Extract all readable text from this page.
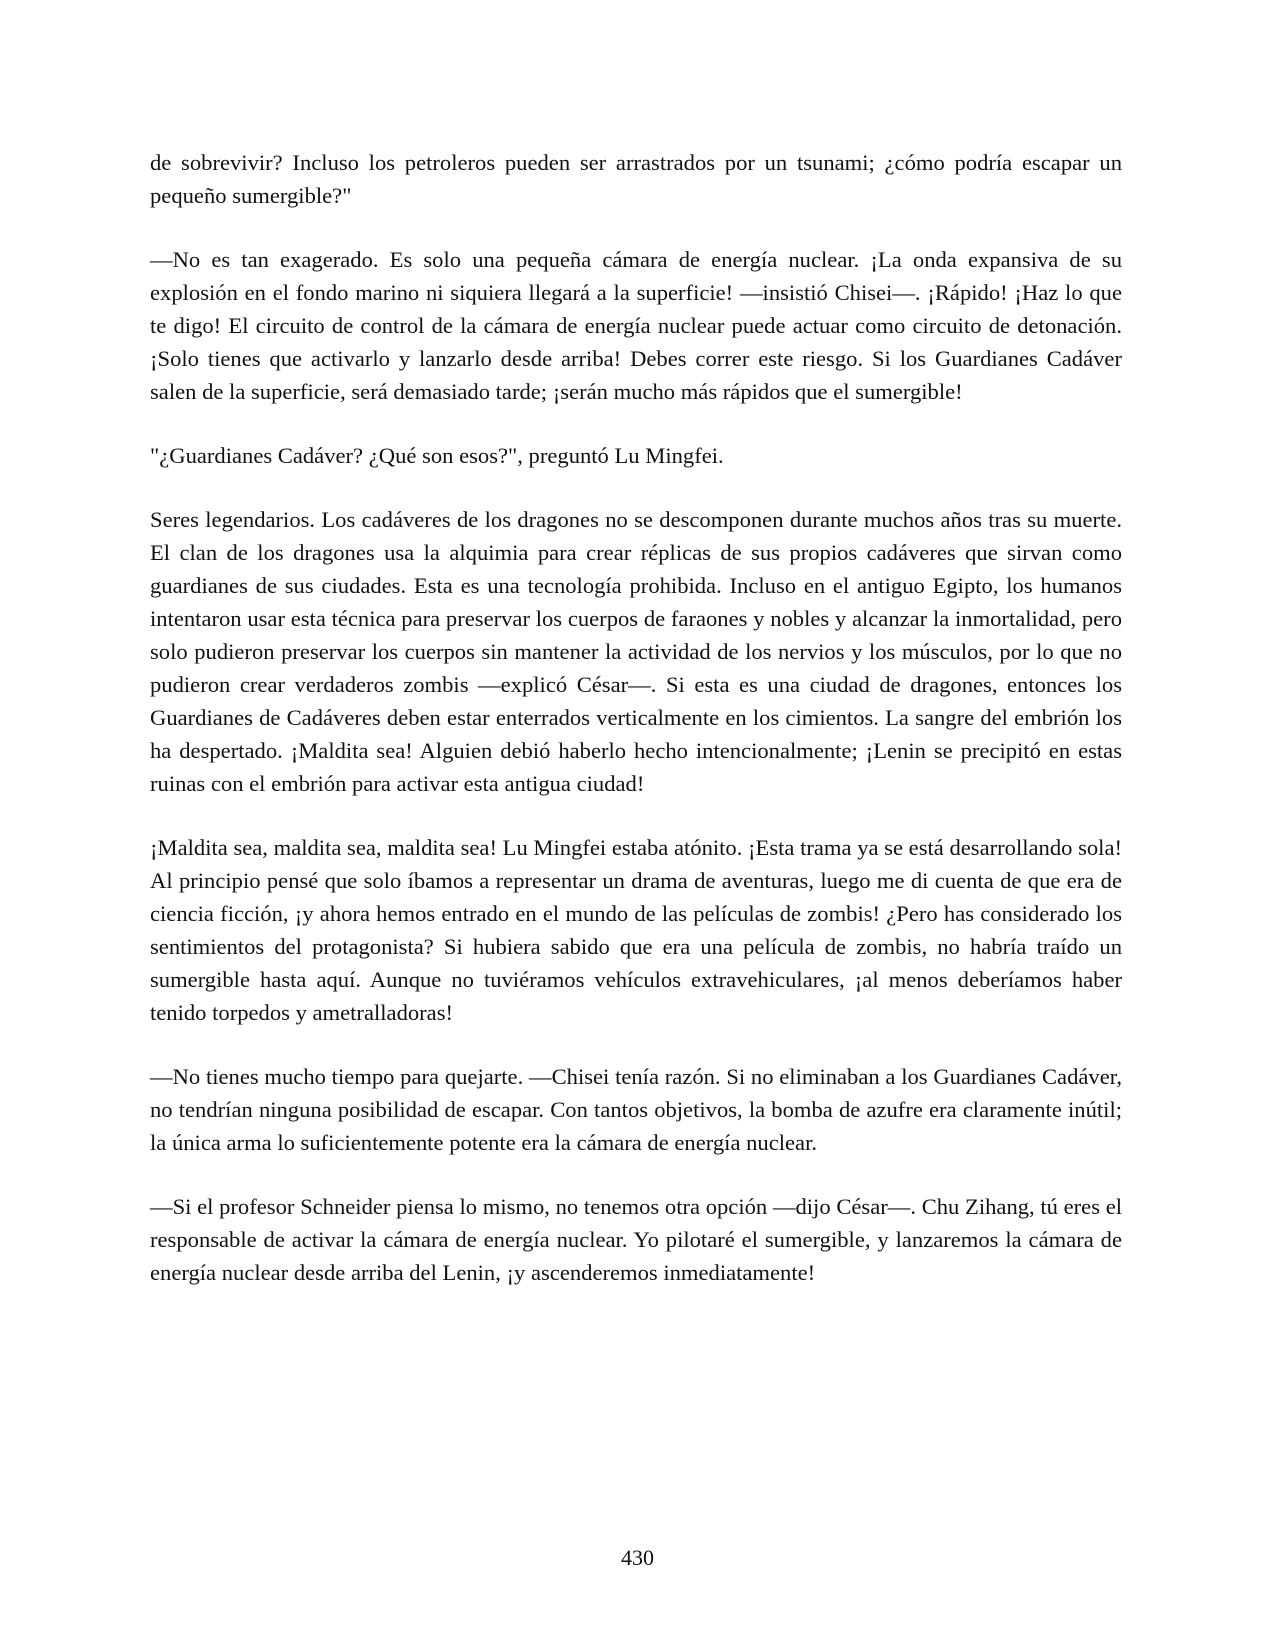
de sobrevivir? Incluso los petroleros pueden ser arrastrados por un tsunami; ¿cómo podría escapar un pequeño sumergible?"

—No es tan exagerado. Es solo una pequeña cámara de energía nuclear. ¡La onda expansiva de su explosión en el fondo marino ni siquiera llegará a la superficie! —insistió Chisei—. ¡Rápido! ¡Haz lo que te digo! El circuito de control de la cámara de energía nuclear puede actuar como circuito de detonación. ¡Solo tienes que activarlo y lanzarlo desde arriba! Debes correr este riesgo. Si los Guardianes Cadáver salen de la superficie, será demasiado tarde; ¡serán mucho más rápidos que el sumergible!

"¿Guardianes Cadáver? ¿Qué son esos?", preguntó Lu Mingfei.

Seres legendarios. Los cadáveres de los dragones no se descomponen durante muchos años tras su muerte. El clan de los dragones usa la alquimia para crear réplicas de sus propios cadáveres que sirvan como guardianes de sus ciudades. Esta es una tecnología prohibida. Incluso en el antiguo Egipto, los humanos intentaron usar esta técnica para preservar los cuerpos de faraones y nobles y alcanzar la inmortalidad, pero solo pudieron preservar los cuerpos sin mantener la actividad de los nervios y los músculos, por lo que no pudieron crear verdaderos zombis —explicó César—. Si esta es una ciudad de dragones, entonces los Guardianes de Cadáveres deben estar enterrados verticalmente en los cimientos. La sangre del embrión los ha despertado. ¡Maldita sea! Alguien debió haberlo hecho intencionalmente; ¡Lenin se precipitó en estas ruinas con el embrión para activar esta antigua ciudad!

¡Maldita sea, maldita sea, maldita sea! Lu Mingfei estaba atónito. ¡Esta trama ya se está desarrollando sola! Al principio pensé que solo íbamos a representar un drama de aventuras, luego me di cuenta de que era de ciencia ficción, ¡y ahora hemos entrado en el mundo de las películas de zombis! ¿Pero has considerado los sentimientos del protagonista? Si hubiera sabido que era una película de zombis, no habría traído un sumergible hasta aquí. Aunque no tuviéramos vehículos extravehiculares, ¡al menos deberíamos haber tenido torpedos y ametralladoras!

—No tienes mucho tiempo para quejarte. —Chisei tenía razón. Si no eliminaban a los Guardianes Cadáver, no tendrían ninguna posibilidad de escapar. Con tantos objetivos, la bomba de azufre era claramente inútil; la única arma lo suficientemente potente era la cámara de energía nuclear.

—Si el profesor Schneider piensa lo mismo, no tenemos otra opción —dijo César—. Chu Zihang, tú eres el responsable de activar la cámara de energía nuclear. Yo pilotaré el sumergible, y lanzaremos la cámara de energía nuclear desde arriba del Lenin, ¡y ascenderemos inmediatamente!

430
